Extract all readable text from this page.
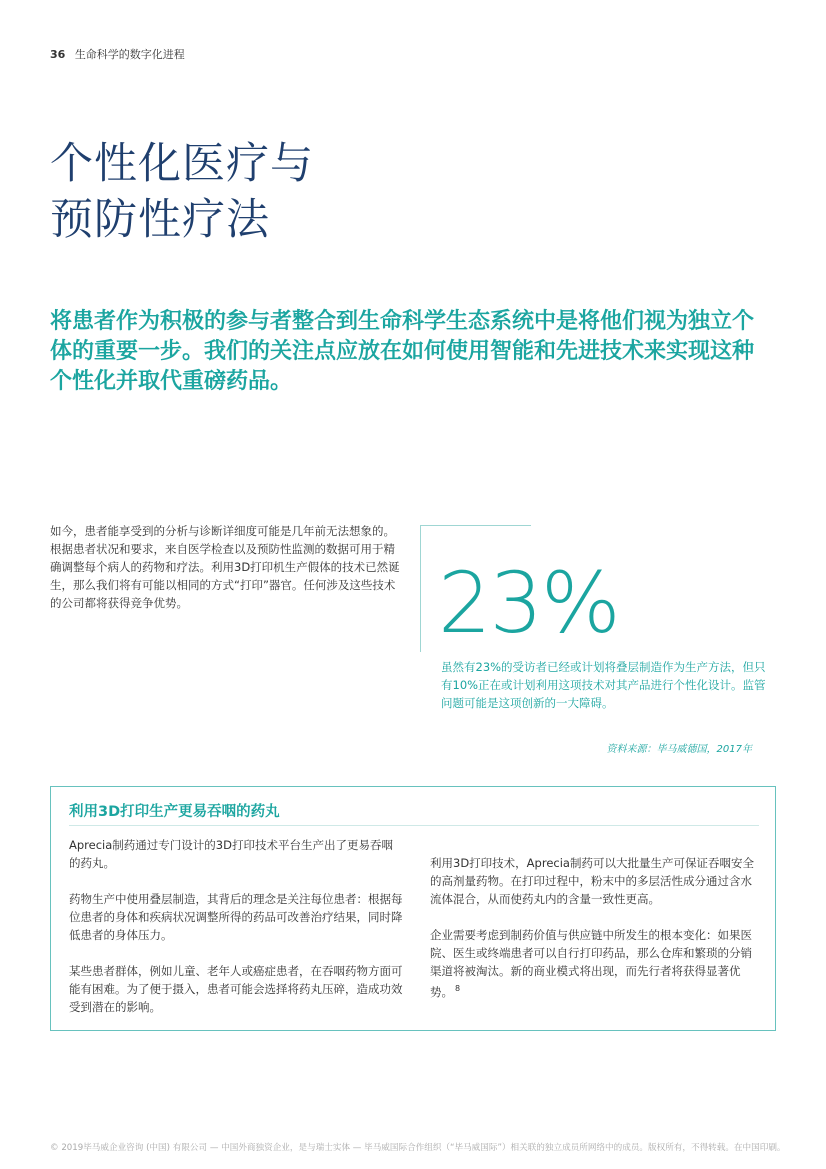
36 生命科学的数字化进程
个性化医疗与
预防性疗法
将患者作为积极的参与者整合到生命科学生态系统中是将他们视为独立个体的重要一步。我们的关注点应放在如何使用智能和先进技术来实现这种个性化并取代重磅药品。
如今，患者能享受到的分析与诊断详细度可能是几年前无法想象的。根据患者状况和要求，来自医学检查以及预防性监测的数据可用于精确调整每个病人的药物和疗法。利用3D打印机生产假体的技术已然诞生，那么我们将有可能以相同的方式“打印”器官。任何涉及这些技术的公司都将获得竞争优势。	23%
虽然有23%的受访者已经或计划将叠层制造作为生产方法，但只有10%正在或计划利用这项技术对其产品进行个性化设计。监管问题可能是这项创新的一大障碍。
资料来源：毕马威德国，2017年
利用3D打印生产更易吞咽的药丸

Aprecia制药通过专门设计的3D打印技术平台生产出了更易吞咽的药丸。

药物生产中使用叠层制造，其背后的理念是关注每位患者：根据每位患者的身体和疾病状况调整所得的药品可改善治疗结果，同时降低患者的身体压力。

某些患者群体，例如儿童、老年人或癌症患者，在吞咽药物方面可能有困难。为了便于摄入，患者可能会选择将药丸压碎，造成功效受到潜在的影响。

利用3D打印技术，Aprecia制药可以大批量生产可保证吞咽安全的高剂量药物。在打印过程中，粉末中的多层活性成分通过含水流体混合，从而使药丸内的含量一致性更高。

企业需要考虑到制药价值与供应链中所发生的根本变化：如果医院、医生或终端患者可以自行打印药品，那么仓库和繁琐的分销渠道将被淘汰。新的商业模式将出现，而先行者将获得显著优势。 $^8$

© 2019毕马威企业咨询 (中国) 有限公司 — 中国外商独资企业，是与瑞士实体 — 毕马威国际合作组织（“毕马威国际”）相关联的独立成员所网络中的成员。版权所有，不得转载。在中国印刷。
